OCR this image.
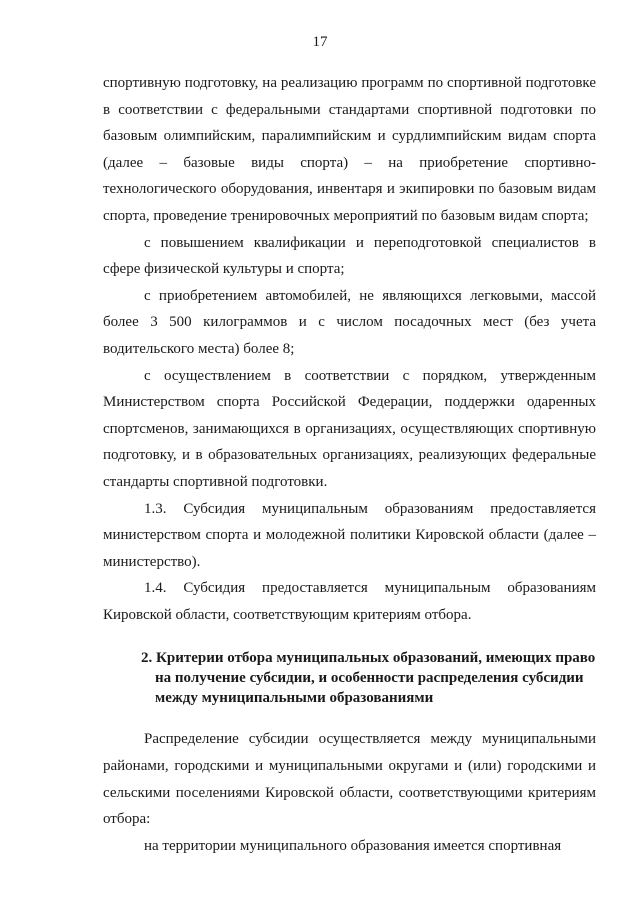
17

спортивную подготовку, на реализацию программ по спортивной подготовке в соответствии с федеральными стандартами спортивной подготовки по базовым олимпийским, паралимпийским и сурдлимпийским видам спорта (далее – базовые виды спорта) – на приобретение спортивно-технологического оборудования, инвентаря и экипировки по базовым видам спорта, проведение тренировочных мероприятий по базовым видам спорта;

с повышением квалификации и переподготовкой специалистов в сфере физической культуры и спорта;

с приобретением автомобилей, не являющихся легковыми, массой более 3 500 килограммов и с числом посадочных мест (без учета водительского места) более 8;

с осуществлением в соответствии с порядком, утвержденным Министерством спорта Российской Федерации, поддержки одаренных спортсменов, занимающихся в организациях, осуществляющих спортивную подготовку, и в образовательных организациях, реализующих федеральные стандарты спортивной подготовки.

1.3. Субсидия муниципальным образованиям предоставляется министерством спорта и молодежной политики Кировской области (далее – министерство).

1.4. Субсидия предоставляется муниципальным образованиям Кировской области, соответствующим критериям отбора.

2. Критерии отбора муниципальных образований, имеющих право на получение субсидии, и особенности распределения субсидии между муниципальными образованиями

Распределение субсидии осуществляется между муниципальными районами, городскими и муниципальными округами и (или) городскими и сельскими поселениями Кировской области, соответствующими критериям отбора:

на территории муниципального образования имеется спортивная
